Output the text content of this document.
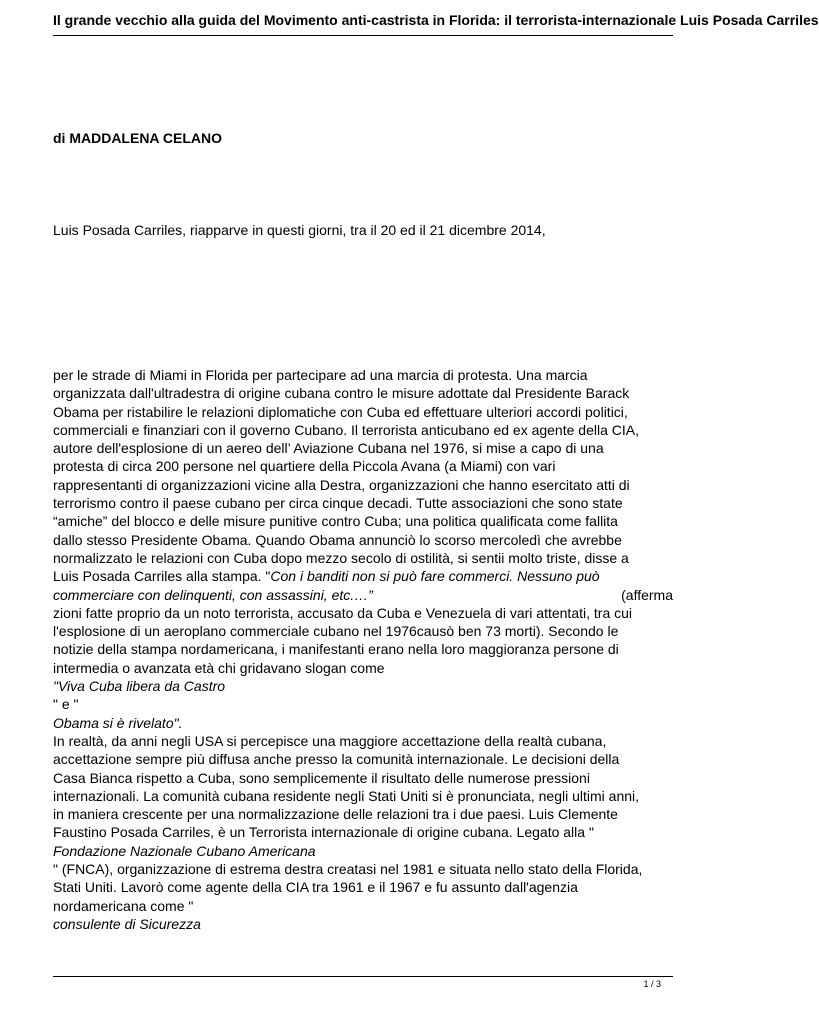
Il grande vecchio alla guida del Movimento anti-castrista in Florida: il terrorista-internazionale Luis Posada Carriles
di MADDALENA CELANO
Luis Posada Carriles, riapparve in questi giorni, tra il 20 ed il 21 dicembre 2014,
per le strade di Miami in Florida per partecipare ad una marcia di protesta. Una marcia
organizzata dall'ultradestra di origine cubana contro le misure adottate dal Presidente Barack
Obama per ristabilire le relazioni diplomatiche con Cuba ed effettuare ulteriori accordi politici,
commerciali e finanziari con il governo Cubano. Il terrorista anticubano ed ex agente della CIA,
autore dell'esplosione di un aereo dell’ Aviazione Cubana nel 1976, si mise a capo di una
protesta di circa 200 persone nel quartiere della Piccola Avana (a Miami) con vari
rappresentanti di organizzazioni vicine alla Destra, organizzazioni che hanno esercitato atti di
terrorismo contro il paese cubano per circa cinque decadi. Tutte associazioni che sono state
“amiche” del blocco e delle misure punitive contro Cuba; una politica qualificata come fallita
dallo stesso Presidente Obama. Quando Obama annunciò lo scorso mercoledì che avrebbe
normalizzato le relazioni con Cuba dopo mezzo secolo di ostilità, si sentii molto triste, disse a
Luis Posada Carriles alla stampa. "Con i banditi non si può fare commerci. Nessuno può
commerciare con delinquenti, con assassini, etc.…”	(afferma
zioni fatte proprio da un noto terrorista, accusato da Cuba e Venezuela di vari attentati, tra cui
l'esplosione di un aeroplano commerciale cubano nel 1976causò ben 73 morti). Secondo le
notizie della stampa nordamericana, i manifestanti erano nella loro maggioranza persone di
intermedia o avanzata età chi gridavano slogan come
"Viva Cuba libera da Castro
" e "
Obama si è rivelato".
In realtà, da anni negli USA si percepisce una maggiore accettazione della realtà cubana,
accettazione sempre più diffusa anche presso la comunità internazionale. Le decisioni della
Casa Bianca rispetto a Cuba, sono semplicemente il risultato delle numerose pressioni
internazionali. La comunità cubana residente negli Stati Uniti si è pronunciata, negli ultimi anni,
in maniera crescente per una normalizzazione delle relazioni tra i due paesi. Luis Clemente
Faustino Posada Carriles, è un Terrorista internazionale di origine cubana. Legato alla "
Fondazione Nazionale Cubano Americana
" (FNCA), organizzazione di estrema destra creatasi nel 1981 e situata nello stato della Florida,
Stati Uniti. Lavorò come agente della CIA tra 1961 e il 1967 e fu assunto dall'agenzia
nordamericana come "
consulente di Sicurezza
1 / 3
